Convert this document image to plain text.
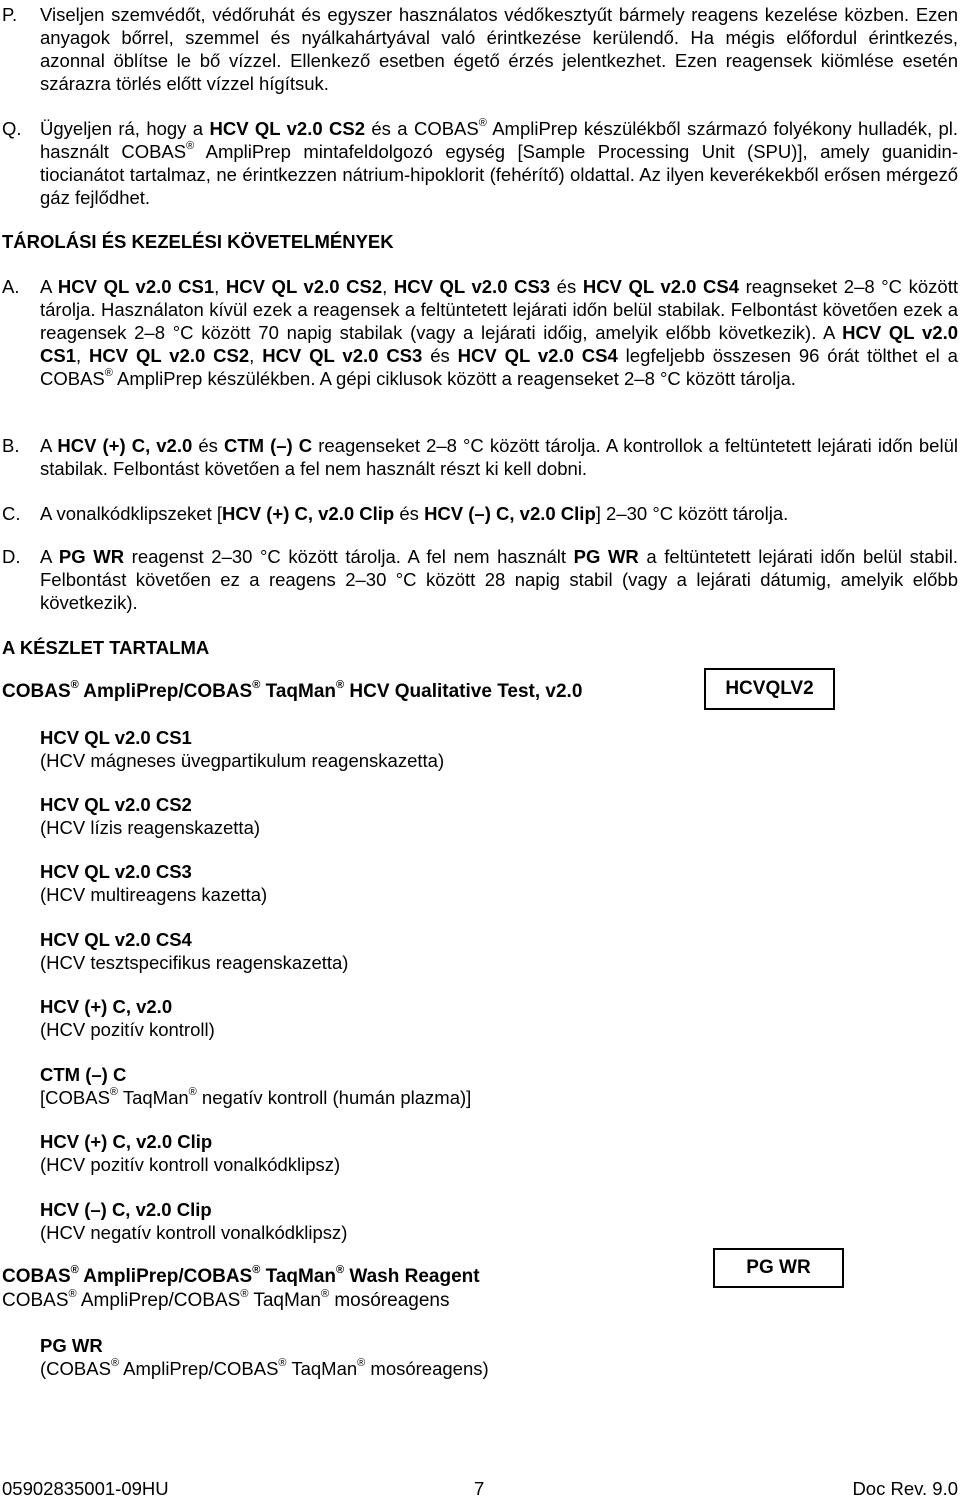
P. Viseljen szemvédőt, védőruhát és egyszer használatos védőkesztyűt bármely reagens kezelése közben. Ezen anyagok bőrrel, szemmel és nyálkahártyával való érintkezése kerülendő. Ha mégis előfordul érintkezés, azonnal öblítse le bő vízzel. Ellenkező esetben égető érzés jelentkezhet. Ezen reagensek kiömlése esetén szárazra törlés előtt vízzel hígítsuk.
Q. Ügyeljen rá, hogy a HCV QL v2.0 CS2 és a COBAS® AmpliPrep készülékből származó folyékony hulladék, pl. használt COBAS® AmpliPrep mintafeldolgozó egység [Sample Processing Unit (SPU)], amely guanidin-tiocianátot tartalmaz, ne érintkezzen nátrium-hipoklorit (fehérítő) oldattal. Az ilyen keverékekből erősen mérgező gáz fejlődhet.
TÁROLÁSI ÉS KEZELÉSI KÖVETELMÉNYEK
A. A HCV QL v2.0 CS1, HCV QL v2.0 CS2, HCV QL v2.0 CS3 és HCV QL v2.0 CS4 reagnseket 2–8 °C között tárolja. Használaton kívül ezek a reagensek a feltüntetett lejárati időn belül stabilak. Felbontást követően ezek a reagensek 2–8 °C között 70 napig stabilak (vagy a lejárati időig, amelyik előbb következik). A HCV QL v2.0 CS1, HCV QL v2.0 CS2, HCV QL v2.0 CS3 és HCV QL v2.0 CS4 legfeljebb összesen 96 órát tölthet el a COBAS® AmpliPrep készülékben. A gépi ciklusok között a reagenseket 2–8 °C között tárolja.
B. A HCV (+) C, v2.0 és CTM (–) C reagenseket 2–8 °C között tárolja. A kontrollok a feltüntetett lejárati időn belül stabilak. Felbontást követően a fel nem használt részt ki kell dobni.
C. A vonalkódklipszeket [HCV (+) C, v2.0 Clip és HCV (–) C, v2.0 Clip] 2–30 °C között tárolja.
D. A PG WR reagenst 2–30 °C között tárolja. A fel nem használt PG WR a feltüntetett lejárati időn belül stabil. Felbontást követően ez a reagens 2–30 °C között 28 napig stabil (vagy a lejárati dátumig, amelyik előbb következik).
A KÉSZLET TARTALMA
COBAS® AmpliPrep/COBAS® TaqMan® HCV Qualitative Test, v2.0	HCVQLV2
HCV QL v2.0 CS1
(HCV mágneses üvegpartikulum reagenskazetta)
HCV QL v2.0 CS2
(HCV lízis reagenskazetta)
HCV QL v2.0 CS3
(HCV multireagens kazetta)
HCV QL v2.0 CS4
(HCV tesztspecifikus reagenskazetta)
HCV (+) C, v2.0
(HCV pozitív kontroll)
CTM (–) C
[COBAS® TaqMan® negatív kontroll (humán plazma)]
HCV (+) C, v2.0 Clip
(HCV pozitív kontroll vonalkódklipsz)
HCV (–) C, v2.0 Clip
(HCV negatív kontroll vonalkódklipsz)
COBAS® AmpliPrep/COBAS® TaqMan® Wash Reagent
COBAS® AmpliPrep/COBAS® TaqMan® mosóreagens
PG WR
PG WR
(COBAS® AmpliPrep/COBAS® TaqMan® mosóreagens)
05902835001-09HU	7	Doc Rev. 9.0
